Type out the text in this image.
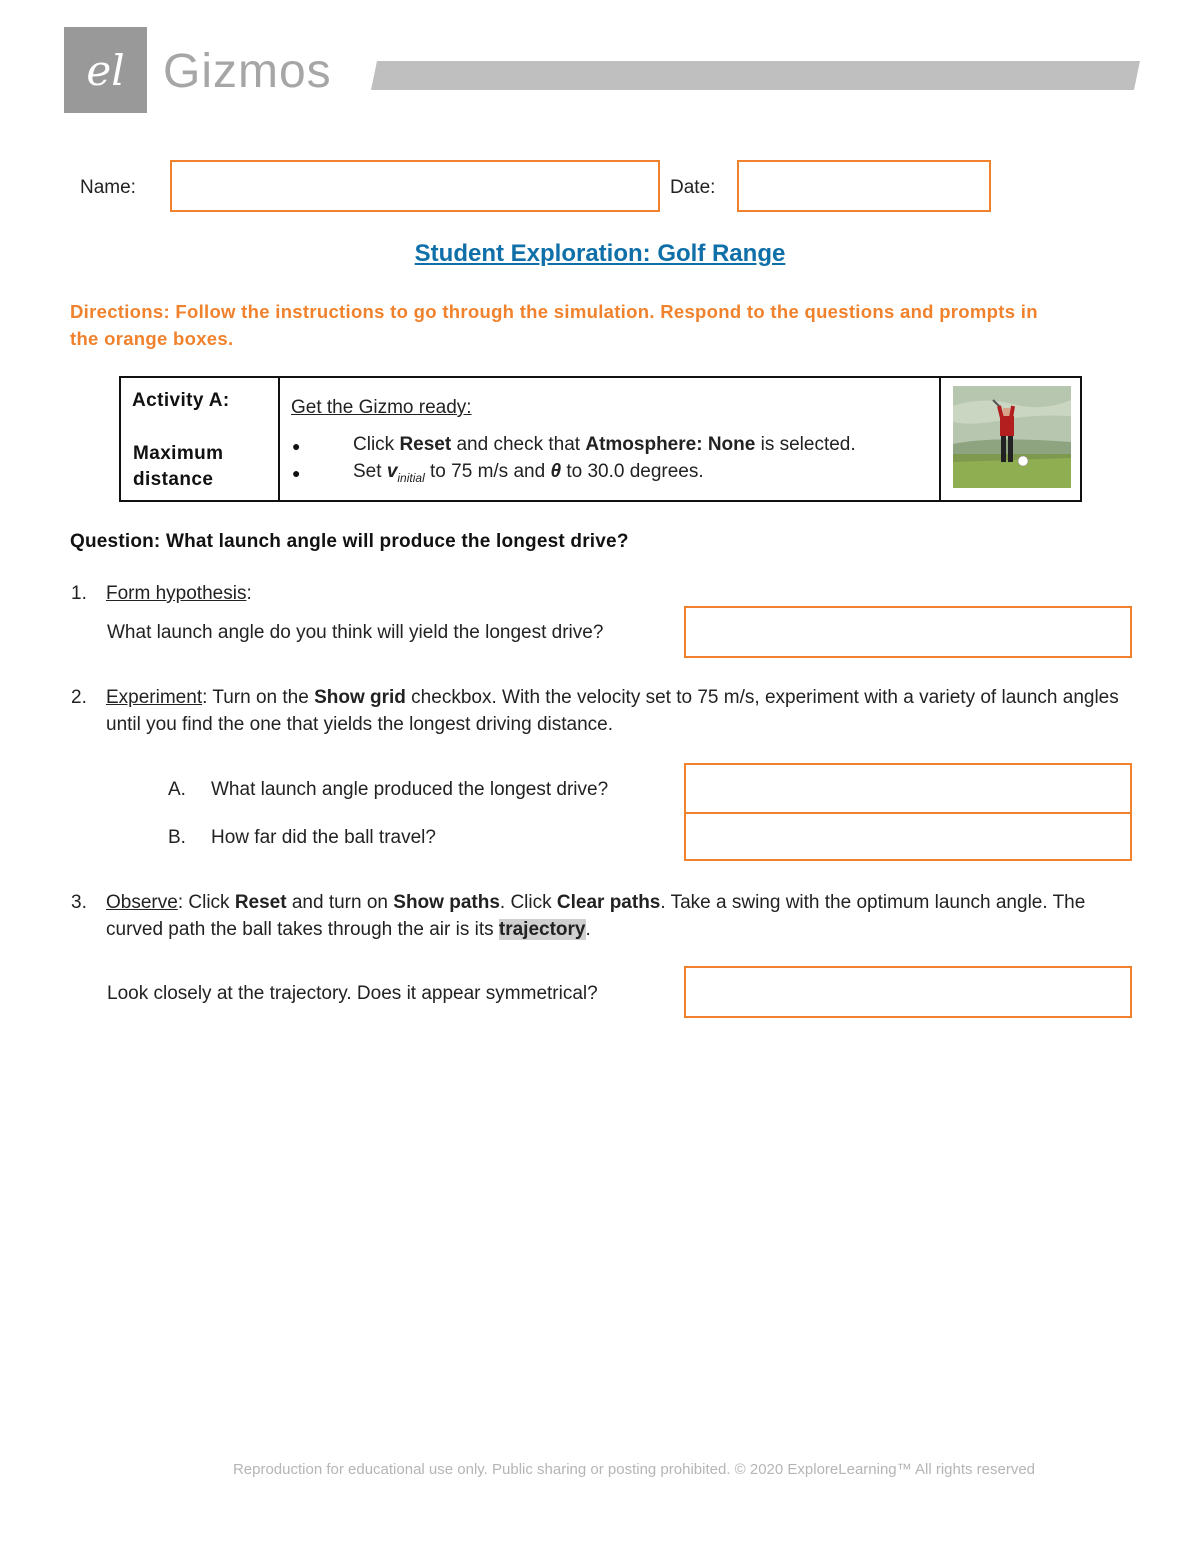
el Gizmos
Name:	Date:
Student Exploration: Golf Range
Directions: Follow the instructions to go through the simulation. Respond to the questions and prompts in the orange boxes.
Activity A:
Maximum
distance
Get the Gizmo ready:
●	Click Reset and check that Atmosphere: None is selected.
●	Set $v_{initial}$ to 75 m/s and θ to 30.0 degrees.
Question: What launch angle will produce the longest drive?
1. Form hypothesis:
What launch angle do you think will yield the longest drive?
2. Experiment: Turn on the Show grid checkbox. With the velocity set to 75 m/s, experiment with a variety of launch angles until you find the one that yields the longest driving distance.
A. What launch angle produced the longest drive?
B. How far did the ball travel?
3. Observe: Click Reset and turn on Show paths. Click Clear paths. Take a swing with the optimum launch angle. The curved path the ball takes through the air is its trajectory.
Look closely at the trajectory. Does it appear symmetrical?
Reproduction for educational use only. Public sharing or posting prohibited. © 2020 ExploreLearning™ All rights reserved
